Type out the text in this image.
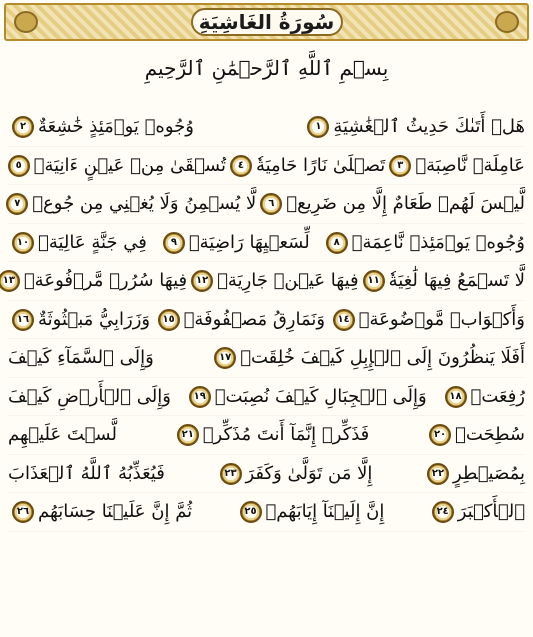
سُورَةُ الغَاشِيَةِ
بِسۡمِ ٱللَّهِ ٱلرَّحۡمَٰنِ ٱلرَّحِيمِ
هَلۡ أَتَىٰكَ حَدِيثُ ٱلۡغَٰشِيَةِ
١
وُجُوهٞ يَوۡمَئِذٍ خَٰشِعَةٌ
٢
عَامِلَةٞ نَّاصِبَةٞ
٣
تَصۡلَىٰ نَارًا حَامِيَةٗ
٤
تُسۡقَىٰ مِنۡ عَيۡنٍ ءَانِيَةٖ
٥
لَّيۡسَ لَهُمۡ طَعَامٌ إِلَّا مِن ضَرِيعٖ
٦
لَّا يُسۡمِنُ وَلَا يُغۡنِي مِن جُوعٖ
٧
وُجُوهٞ يَوۡمَئِذٖ نَّاعِمَةٞ
٨
لِّسَعۡيِهَا رَاضِيَةٞ
٩
فِي جَنَّةٍ عَالِيَةٖ
١٠
لَّا تَسۡمَعُ فِيهَا لَٰغِيَةٗ
١١
فِيهَا عَيۡنٞ جَارِيَةٞ
١٢
فِيهَا سُرُرٞ مَّرۡفُوعَةٞ
١٣
وَأَكۡوَابٞ مَّوۡضُوعَةٞ
١٤
وَنَمَارِقُ مَصۡفُوفَةٞ
١٥
وَزَرَابِيُّ مَبۡثُوثَةٌ
١٦
أَفَلَا يَنظُرُونَ إِلَى ٱلۡإِبِلِ كَيۡفَ خُلِقَتۡ
١٧
وَإِلَى ٱلسَّمَآءِ كَيۡفَ
رُفِعَتۡ
١٨
وَإِلَى ٱلۡجِبَالِ كَيۡفَ نُصِبَتۡ
١٩
وَإِلَى ٱلۡأَرۡضِ كَيۡفَ
سُطِحَتۡ
٢٠
فَذَكِّرۡ إِنَّمَآ أَنتَ مُذَكِّرٞ
٢١
لَّسۡتَ عَلَيۡهِم
بِمُصَيۡطِرٍ
٢٢
إِلَّا مَن تَوَلَّىٰ وَكَفَرَ
٢٣
فَيُعَذِّبُهُ ٱللَّهُ ٱلۡعَذَابَ
ٱلۡأَكۡبَرَ
٢٤
إِنَّ إِلَيۡنَآ إِيَابَهُمۡ
٢٥
ثُمَّ إِنَّ عَلَيۡنَا حِسَابَهُم
٢٦
